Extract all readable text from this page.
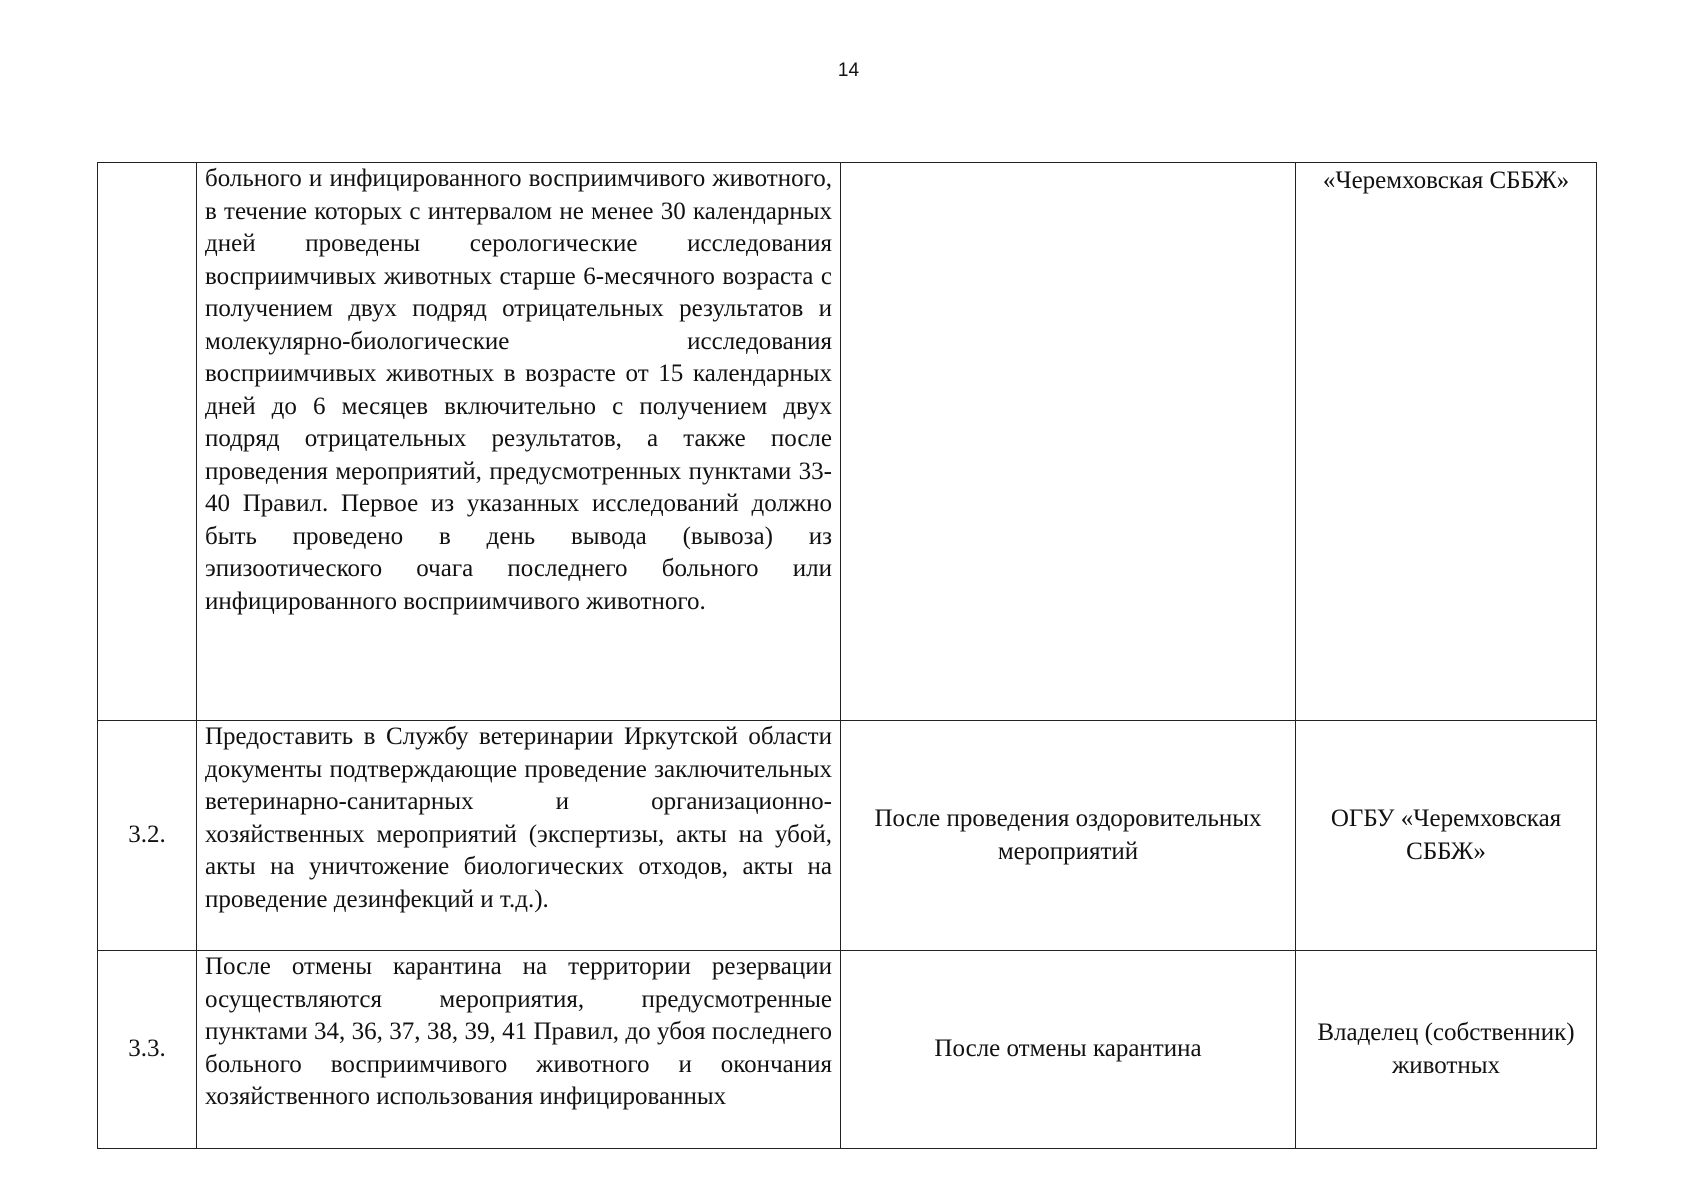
14
	больного и инфицированного восприимчивого животного, в течение которых с интервалом не менее 30 календарных дней проведены серологические исследования восприимчивых животных старше 6-месячного возраста с получением двух подряд отрицательных результатов и молекулярно-биологические исследования восприимчивых животных в возрасте от 15 календарных дней до 6 месяцев включительно с получением двух подряд отрицательных результатов, а также после проведения мероприятий, предусмотренных пунктами 33-40 Правил. Первое из указанных исследований должно быть проведено в день вывода (вывоза) из эпизоотического очага последнего больного или инфицированного восприимчивого животного.		«Черемховская СББЖ»
3.2.	Предоставить в Службу ветеринарии Иркутской области документы подтверждающие проведение заключительных ветеринарно-санитарных и организационно-хозяйственных мероприятий (экспертизы, акты на убой, акты на уничтожение биологических отходов, акты на проведение дезинфекций и т.д.).	После проведения оздоровительных мероприятий	ОГБУ «Черемховская СББЖ»
3.3.	После отмены карантина на территории резервации осуществляются мероприятия, предусмотренные пунктами 34, 36, 37, 38, 39, 41 Правил, до убоя последнего больного восприимчивого животного и окончания хозяйственного использования инфицированных	После отмены карантина	Владелец (собственник) животных
